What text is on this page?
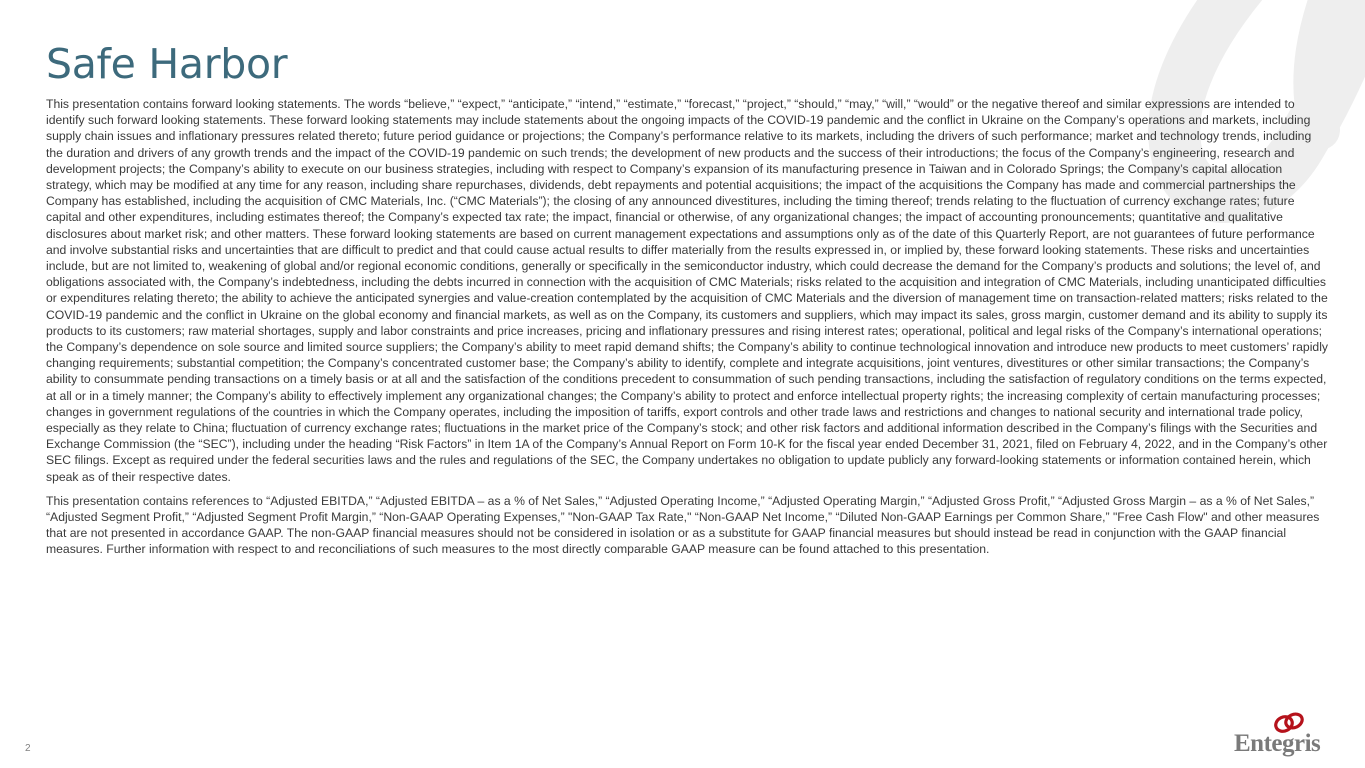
Safe Harbor

This presentation contains forward looking statements. The words “believe,” “expect,” “anticipate,” “intend,” “estimate,” “forecast,” “project,” “should,” “may,” “will,” “would” or the negative thereof and similar expressions are intended to identify such forward looking statements. These forward looking statements may include statements about the ongoing impacts of the COVID-19 pandemic and the conflict in Ukraine on the Company’s operations and markets, including supply chain issues and inflationary pressures related thereto; future period guidance or projections; the Company’s performance relative to its markets, including the drivers of such performance; market and technology trends, including the duration and drivers of any growth trends and the impact of the COVID-19 pandemic on such trends; the development of new products and the success of their introductions; the focus of the Company’s engineering, research and development projects; the Company’s ability to execute on our business strategies, including with respect to Company’s expansion of its manufacturing presence in Taiwan and in Colorado Springs; the Company’s capital allocation strategy, which may be modified at any time for any reason, including share repurchases, dividends, debt repayments and potential acquisitions; the impact of the acquisitions the Company has made and commercial partnerships the Company has established, including the acquisition of CMC Materials, Inc. (“CMC Materials”); the closing of any announced divestitures, including the timing thereof; trends relating to the fluctuation of currency exchange rates; future capital and other expenditures, including estimates thereof; the Company’s expected tax rate; the impact, financial or otherwise, of any organizational changes; the impact of accounting pronouncements; quantitative and qualitative disclosures about market risk; and other matters. These forward looking statements are based on current management expectations and assumptions only as of the date of this Quarterly Report, are not guarantees of future performance and involve substantial risks and uncertainties that are difficult to predict and that could cause actual results to differ materially from the results expressed in, or implied by, these forward looking statements. These risks and uncertainties include, but are not limited to, weakening of global and/or regional economic conditions, generally or specifically in the semiconductor industry, which could decrease the demand for the Company’s products and solutions; the level of, and obligations associated with, the Company’s indebtedness, including the debts incurred in connection with the acquisition of CMC Materials; risks related to the acquisition and integration of CMC Materials, including unanticipated difficulties or expenditures relating thereto; the ability to achieve the anticipated synergies and value-creation contemplated by the acquisition of CMC Materials and the diversion of management time on transaction-related matters; risks related to the COVID-19 pandemic and the conflict in Ukraine on the global economy and financial markets, as well as on the Company, its customers and suppliers, which may impact its sales, gross margin, customer demand and its ability to supply its products to its customers; raw material shortages, supply and labor constraints and price increases, pricing and inflationary pressures and rising interest rates; operational, political and legal risks of the Company’s international operations; the Company’s dependence on sole source and limited source suppliers; the Company’s ability to meet rapid demand shifts; the Company’s ability to continue technological innovation and introduce new products to meet customers’ rapidly changing requirements; substantial competition; the Company’s concentrated customer base; the Company’s ability to identify, complete and integrate acquisitions, joint ventures, divestitures or other similar transactions; the Company’s ability to consummate pending transactions on a timely basis or at all and the satisfaction of the conditions precedent to consummation of such pending transactions, including the satisfaction of regulatory conditions on the terms expected, at all or in a timely manner; the Company’s ability to effectively implement any organizational changes; the Company’s ability to protect and enforce intellectual property rights; the increasing complexity of certain manufacturing processes; changes in government regulations of the countries in which the Company operates, including the imposition of tariffs, export controls and other trade laws and restrictions and changes to national security and international trade policy, especially as they relate to China; fluctuation of currency exchange rates; fluctuations in the market price of the Company’s stock; and other risk factors and additional information described in the Company’s filings with the Securities and Exchange Commission (the “SEC”), including under the heading “Risk Factors” in Item 1A of the Company’s Annual Report on Form 10-K for the fiscal year ended December 31, 2021, filed on February 4, 2022, and in the Company’s other SEC filings. Except as required under the federal securities laws and the rules and regulations of the SEC, the Company undertakes no obligation to update publicly any forward-looking statements or information contained herein, which speak as of their respective dates.

This presentation contains references to “Adjusted EBITDA,” “Adjusted EBITDA – as a % of Net Sales,” “Adjusted Operating Income,” “Adjusted Operating Margin,” “Adjusted Gross Profit,” “Adjusted Gross Margin – as a % of Net Sales,” “Adjusted Segment Profit,” “Adjusted Segment Profit Margin,” “Non-GAAP Operating Expenses,” "Non-GAAP Tax Rate," “Non-GAAP Net Income,” “Diluted Non-GAAP Earnings per Common Share,” "Free Cash Flow" and other measures that are not presented in accordance GAAP. The non-GAAP financial measures should not be considered in isolation or as a substitute for GAAP financial measures but should instead be read in conjunction with the GAAP financial measures. Further information with respect to and reconciliations of such measures to the most directly comparable GAAP measure can be found attached to this presentation.

2	Entegris
